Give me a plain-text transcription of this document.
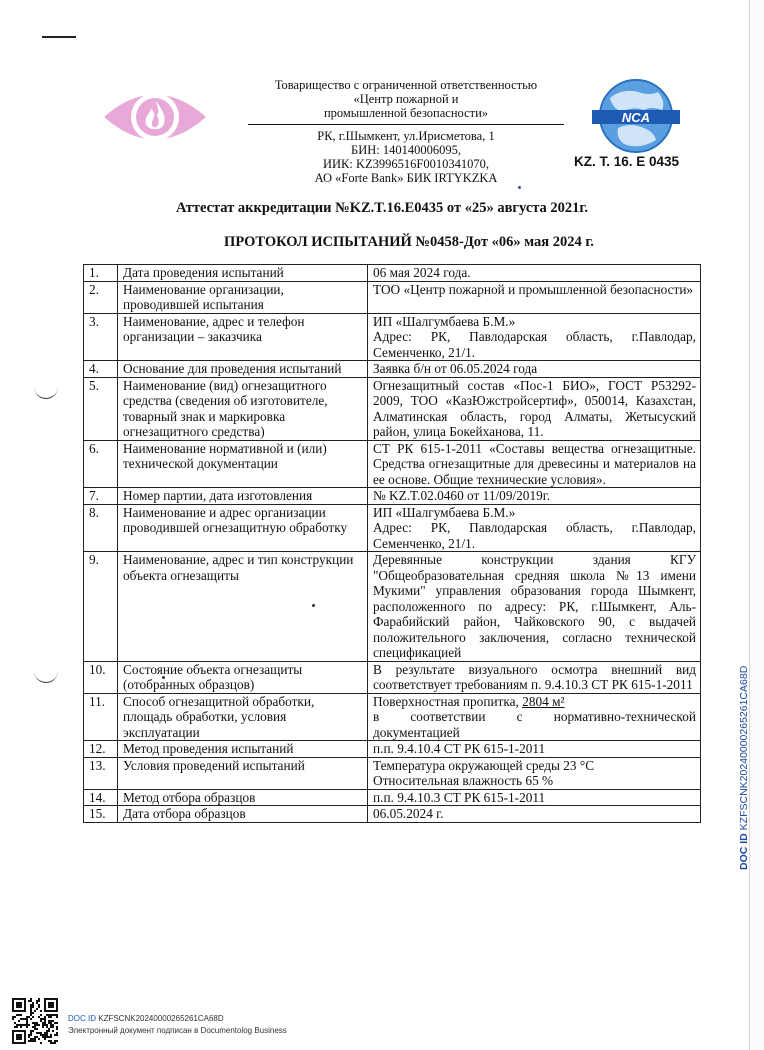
Товарищество с ограниченной ответственностью
«Центр пожарной и
промышленной безопасности»
РК, г.Шымкент, ул.Ирисметова, 1
БИН: 140140006095,
ИИК: KZ3996516F0010341070,
АО «Forte Bank» БИК IRTYKZKA
NCA
KZ. T. 16. E 0435
Аттестат аккредитации №KZ.T.16.E0435 от «25» августа 2021г.
ПРОТОКОЛ ИСПЫТАНИЙ №0458-Дот «06» мая 2024 г.
1.	Дата проведения испытаний	06 мая 2024 года.

2.	Наименование организации, проводившей испытания	ТОО «Центр пожарной и промышленной безопасности»

3.	Наименование, адрес и телефон организации – заказчика	ИП «Шалгумбаева Б.М.»
Адрес: РК, Павлодарская область, г.Павлодар, Семенченко, 21/1.

4.	Основание для проведения испытаний	Заявка б/н от 06.05.2024 года

5.	Наименование (вид) огнезащитного средства (сведения об изготовителе, товарный знак и маркировка огнезащитного средства)	Огнезащитный состав «Пос-1 БИО», ГОСТ Р53292-2009, ТОО «КазЮжстройсертиф», 050014, Казахстан, Алматинская область, город Алматы, Жетысуский район, улица Бокейханова, 11.

6.	Наименование нормативной и (или) технической документации	СТ РК 615-1-2011 «Составы вещества огнезащитные. Средства огнезащитные для древесины и материалов на ее основе. Общие технические условия».

7.	Номер партии, дата изготовления	№ KZ.T.02.0460 от 11/09/2019г.

8.	Наименование и адрес организации проводившей огнезащитную обработку	ИП «Шалгумбаева Б.М.»
Адрес: РК, Павлодарская область, г.Павлодар, Семенченко, 21/1.

9.	Наименование, адрес и тип конструкции объекта огнезащиты	Деревянные конструкции здания КГУ "Общеобразовательная средняя школа №13 имени Мукими" управления образования города Шымкент, расположенного по адресу: РК, г.Шымкент, Аль-Фарабийский район, Чайковского 90, с выдачей положительного заключения, согласно технической спецификацией

10.	Состояние объекта огнезащиты (отобранных образцов)	В результате визуального осмотра внешний вид соответствует требованиям п. 9.4.10.3 СТ РК 615-1-2011

11.	Способ огнезащитной обработки, площадь обработки, условия эксплуатации	Поверхностная пропитка, 2804 м²
в соответствии с нормативно-технической документацией

12.	Метод проведения испытаний	п.п. 9.4.10.4 СТ РК 615-1-2011

13.	Условия проведений испытаний	Температура окружающей среды 23 °С
Относительная влажность 65 %

14.	Метод отбора образцов	п.п. 9.4.10.3 СТ РК 615-1-2011

15.	Дата отбора образцов	06.05.2024 г.
DOC ID KZFSCNK20240000265261CA68D
DOC ID KZFSCNK20240000265261CA68D
Электронный документ подписан в Documentolog Business
